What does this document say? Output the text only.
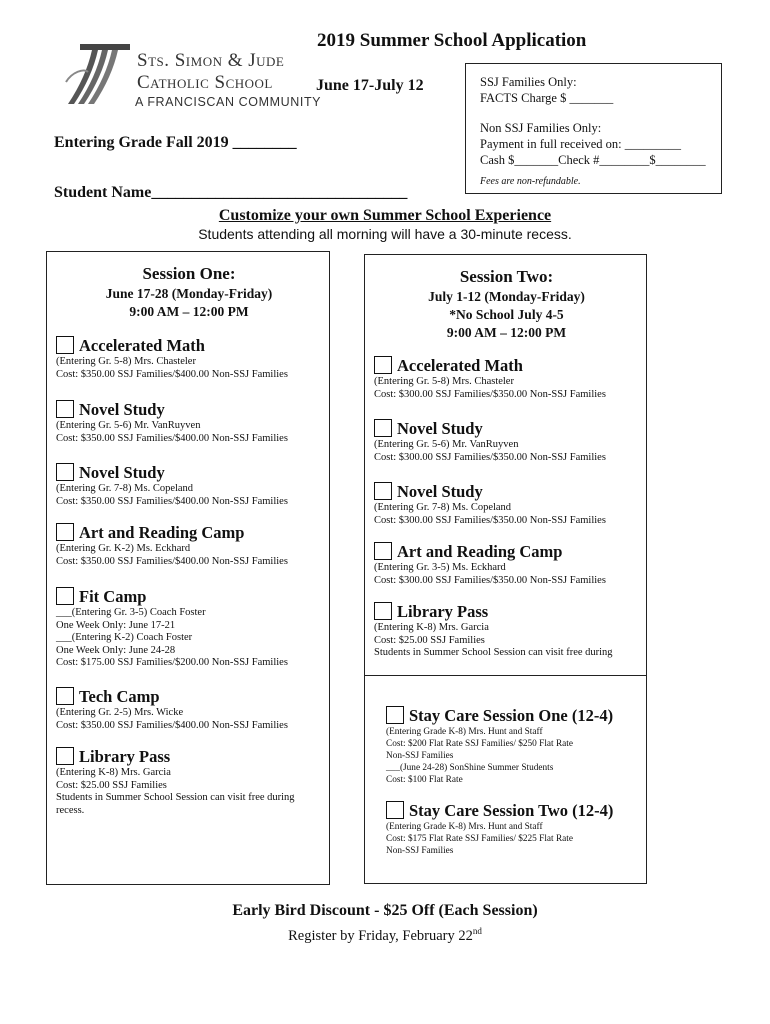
Sts. Simon & Jude
Catholic School
A FRANCISCAN COMMUNITY
2019 Summer School Application
June 17-July 12	SSJ Families Only:
FACTS Charge $ _______
Non SSJ Families Only:
Payment in full received on: _________
Cash $_______Check #________$________
Fees are non-refundable.
Entering Grade Fall 2019 ________
Student Name________________________________
Customize your own Summer School Experience
Students attending all morning will have a 30-minute recess.
Session One:
June 17-28 (Monday-Friday)
9:00 AM – 12:00 PM
Accelerated Math
(Entering Gr. 5-8) Mrs. Chasteler
Cost: $350.00 SSJ Families/$400.00 Non-SSJ Families
Novel Study
(Entering Gr. 5-6) Mr. VanRuyven
Cost: $350.00 SSJ Families/$400.00 Non-SSJ Families
Novel Study
(Entering Gr. 7-8) Ms. Copeland
Cost: $350.00 SSJ Families/$400.00 Non-SSJ Families
Art and Reading Camp
(Entering Gr. K-2) Ms. Eckhard
Cost: $350.00 SSJ Families/$400.00 Non-SSJ Families
Fit Camp
___(Entering Gr. 3-5) Coach Foster
One Week Only: June 17-21
___(Entering K-2) Coach Foster
One Week Only: June 24-28
Cost: $175.00 SSJ Families/$200.00 Non-SSJ Families
Tech Camp
(Entering Gr. 2-5) Mrs. Wicke
Cost: $350.00 SSJ Families/$400.00 Non-SSJ Families
Library Pass
(Entering K-8) Mrs. Garcia
Cost: $25.00 SSJ Families
Students in Summer School Session can visit free during
recess.
Session Two:
July 1-12 (Monday-Friday)
*No School July 4-5
9:00 AM – 12:00 PM
Accelerated Math
(Entering Gr. 5-8) Mrs. Chasteler
Cost: $300.00 SSJ Families/$350.00 Non-SSJ Families
Novel Study
(Entering Gr. 5-6) Mr. VanRuyven
Cost: $300.00 SSJ Families/$350.00 Non-SSJ Families
Novel Study
(Entering Gr. 7-8) Ms. Copeland
Cost: $300.00 SSJ Families/$350.00 Non-SSJ Families
Art and Reading Camp
(Entering Gr. 3-5) Ms. Eckhard
Cost: $300.00 SSJ Families/$350.00 Non-SSJ Families
Library Pass
(Entering K-8) Mrs. Garcia
Cost: $25.00 SSJ Families
Students in Summer School Session can visit free during
Stay Care Session One (12-4)
(Entering Grade K-8) Mrs. Hunt and Staff
Cost: $200 Flat Rate SSJ Families/ $250 Flat Rate
Non-SSJ Families
___(June 24-28) SonShine Summer Students
Cost: $100 Flat Rate
Stay Care Session Two (12-4)
(Entering Grade K-8) Mrs. Hunt and Staff
Cost: $175 Flat Rate SSJ Families/ $225 Flat Rate
Non-SSJ Families
Early Bird Discount - $25 Off (Each Session)
Register by Friday, February 22nd
